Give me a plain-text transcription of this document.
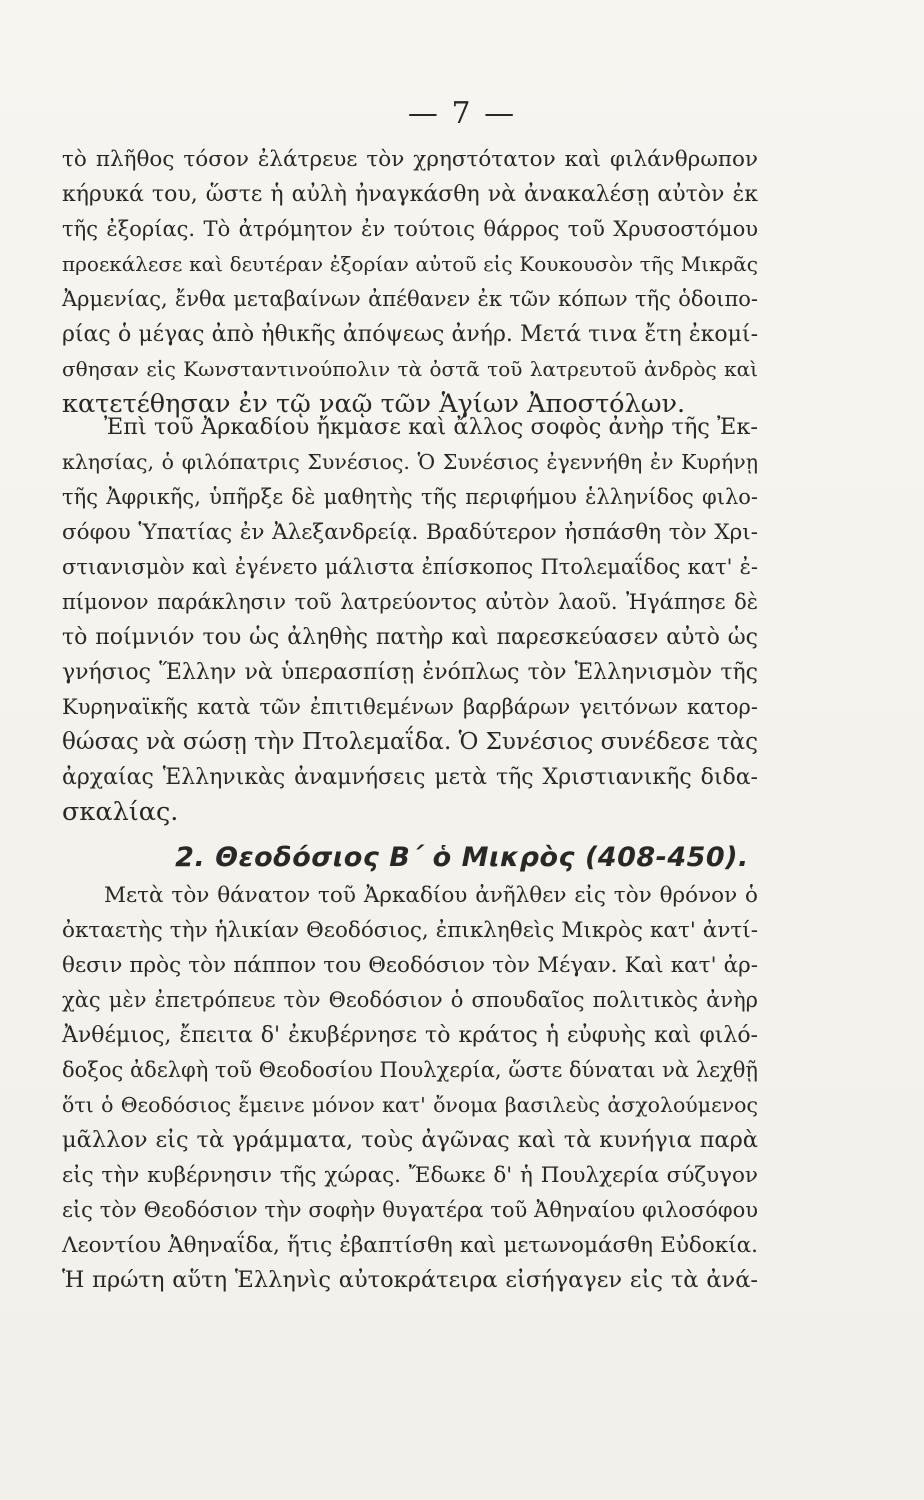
— 7 —
τὸ πλῆθος τόσον ἐλάτρευε τὸν χρηστότατον καὶ φιλάνθρωπον
κήρυκά του, ὥστε ἡ αὐλὴ ἠναγκάσθη νὰ ἀνακαλέσῃ αὐτὸν ἐκ
τῆς ἐξορίας. Τὸ ἀτρόμητον ἐν τούτοις θάρρος τοῦ Χρυσοστόμου
προεκάλεσε καὶ δευτέραν ἐξορίαν αὐτοῦ εἰς Κουκουσὸν τῆς Μικρᾶς
Ἀρμενίας, ἔνθα μεταβαίνων ἀπέθανεν ἐκ τῶν κόπων τῆς ὁδοιπο-
ρίας ὁ μέγας ἀπὸ ἠθικῆς ἀπόψεως ἀνήρ. Μετά τινα ἔτη ἐκομί-
σθησαν εἰς Κωνσταντινούπολιν τὰ ὀστᾶ τοῦ λατρευτοῦ ἀνδρὸς καὶ
κατετέθησαν ἐν τῷ ναῷ τῶν Ἁγίων Ἀποστόλων.
Ἐπὶ τοῦ Ἀρκαδίου ἤκμασε καὶ ἄλλος σοφὸς ἀνὴρ τῆς Ἐκ-
κλησίας, ὁ φιλόπατρις Συνέσιος. Ὁ Συνέσιος ἐγεννήθη ἐν Κυρήνῃ
τῆς Ἀφρικῆς, ὑπῆρξε δὲ μαθητὴς τῆς περιφήμου ἑλληνίδος φιλο-
σόφου Ὑπατίας ἐν Ἀλεξανδρείᾳ. Βραδύτερον ἠσπάσθη τὸν Χρι-
στιανισμὸν καὶ ἐγένετο μάλιστα ἐπίσκοπος Πτολεμαΐδος κατ' ἐ-
πίμονον παράκλησιν τοῦ λατρεύοντος αὐτὸν λαοῦ. Ἠγάπησε δὲ
τὸ ποίμνιόν του ὡς ἀληθὴς πατὴρ καὶ παρεσκεύασεν αὐτὸ ὡς
γνήσιος Ἕλλην νὰ ὑπερασπίσῃ ἐνόπλως τὸν Ἑλληνισμὸν τῆς
Κυρηναϊκῆς κατὰ τῶν ἐπιτιθεμένων βαρβάρων γειτόνων κατορ-
θώσας νὰ σώσῃ τὴν Πτολεμαΐδα. Ὁ Συνέσιος συνέδεσε τὰς
ἀρχαίας Ἑλληνικὰς ἀναμνήσεις μετὰ τῆς Χριστιανικῆς διδα-
σκαλίας.
2. Θεοδόσιος Β΄ ὁ Μικρὸς (408-450).
Μετὰ τὸν θάνατον τοῦ Ἀρκαδίου ἀνῆλθεν εἰς τὸν θρόνον ὁ
ὀκταετὴς τὴν ἡλικίαν Θεοδόσιος, ἐπικληθεὶς Μικρὸς κατ' ἀντί-
θεσιν πρὸς τὸν πάππον του Θεοδόσιον τὸν Μέγαν. Καὶ κατ' ἀρ-
χὰς μὲν ἐπετρόπευε τὸν Θεοδόσιον ὁ σπουδαῖος πολιτικὸς ἀνὴρ
Ἀνθέμιος, ἔπειτα δ' ἐκυβέρνησε τὸ κράτος ἡ εὐφυὴς καὶ φιλό-
δοξος ἀδελφὴ τοῦ Θεοδοσίου Πουλχερία, ὥστε δύναται νὰ λεχθῇ
ὅτι ὁ Θεοδόσιος ἔμεινε μόνον κατ' ὄνομα βασιλεὺς ἀσχολούμενος
μᾶλλον εἰς τὰ γράμματα, τοὺς ἀγῶνας καὶ τὰ κυνήγια παρὰ
εἰς τὴν κυβέρνησιν τῆς χώρας. Ἔδωκε δ' ἡ Πουλχερία σύζυγον
εἰς τὸν Θεοδόσιον τὴν σοφὴν θυγατέρα τοῦ Ἀθηναίου φιλοσόφου
Λεοντίου Ἀθηναΐδα, ἥτις ἐβαπτίσθη καὶ μετωνομάσθη Εὐδοκία.
Ἡ πρώτη αὕτη Ἑλληνὶς αὐτοκράτειρα εἰσήγαγεν εἰς τὰ ἀνά-
